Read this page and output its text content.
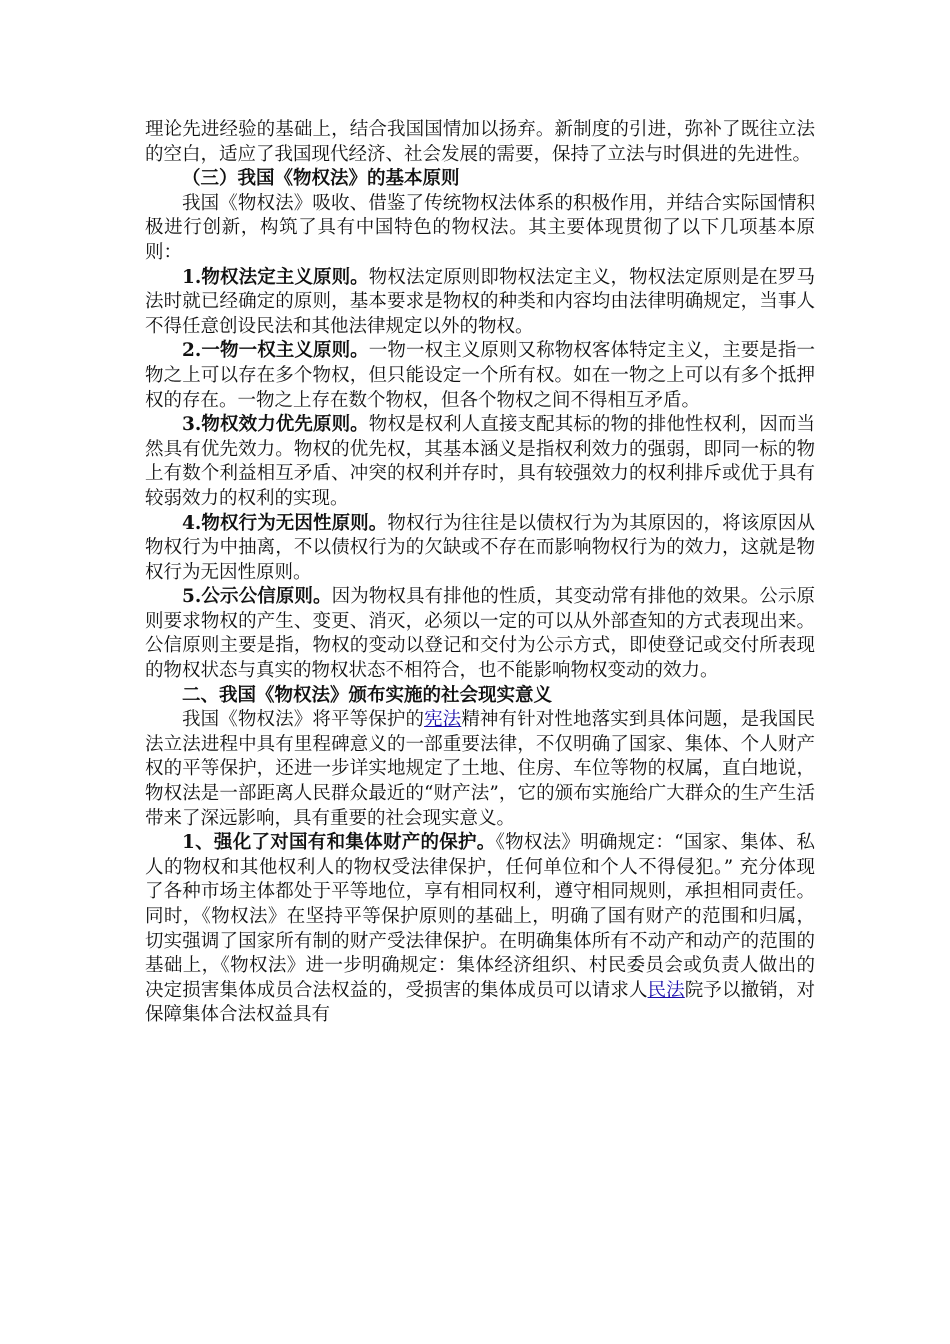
理论先进经验的基础上，结合我国国情加以扬弃。新制度的引进，弥补了既往立法的空白，适应了我国现代经济、社会发展的需要，保持了立法与时俱进的先进性。

（三）我国《物权法》的基本原则

我国《物权法》吸收、借鉴了传统物权法体系的积极作用，并结合实际国情积极进行创新，构筑了具有中国特色的物权法。其主要体现贯彻了以下几项基本原则：

1.物权法定主义原则。物权法定原则即物权法定主义，物权法定原则是在罗马法时就已经确定的原则，基本要求是物权的种类和内容均由法律明确规定，当事人不得任意创设民法和其他法律规定以外的物权。

2.一物一权主义原则。一物一权主义原则又称物权客体特定主义，主要是指一物之上可以存在多个物权，但只能设定一个所有权。如在一物之上可以有多个抵押权的存在。一物之上存在数个物权，但各个物权之间不得相互矛盾。

3.物权效力优先原则。物权是权利人直接支配其标的物的排他性权利，因而当然具有优先效力。物权的优先权，其基本涵义是指权利效力的强弱，即同一标的物上有数个利益相互矛盾、冲突的权利并存时，具有较强效力的权利排斥或优于具有较弱效力的权利的实现。

4.物权行为无因性原则。物权行为往往是以债权行为为其原因的，将该原因从物权行为中抽离，不以债权行为的欠缺或不存在而影响物权行为的效力，这就是物权行为无因性原则。

5.公示公信原则。因为物权具有排他的性质，其变动常有排他的效果。公示原则要求物权的产生、变更、消灭，必须以一定的可以从外部查知的方式表现出来。公信原则主要是指，物权的变动以登记和交付为公示方式，即使登记或交付所表现的物权状态与真实的物权状态不相符合，也不能影响物权变动的效力。

二、我国《物权法》颁布实施的社会现实意义

我国《物权法》将平等保护的宪法精神有针对性地落实到具体问题，是我国民法立法进程中具有里程碑意义的一部重要法律，不仅明确了国家、集体、个人财产权的平等保护，还进一步详实地规定了土地、住房、车位等物的权属，直白地说，物权法是一部距离人民群众最近的“财产法”，它的颁布实施给广大群众的生产生活带来了深远影响，具有重要的社会现实意义。

1、强化了对国有和集体财产的保护。《物权法》明确规定：“国家、集体、私人的物权和其他权利人的物权受法律保护，任何单位和个人不得侵犯。” 充分体现了各种市场主体都处于平等地位，享有相同权利，遵守相同规则，承担相同责任。同时，《物权法》在坚持平等保护原则的基础上，明确了国有财产的范围和归属，切实强调了国家所有制的财产受法律保护。在明确集体所有不动产和动产的范围的基础上，《物权法》进一步明确规定：集体经济组织、村民委员会或负责人做出的决定损害集体成员合法权益的，受损害的集体成员可以请求人民法院予以撤销，对保障集体合法权益具有
